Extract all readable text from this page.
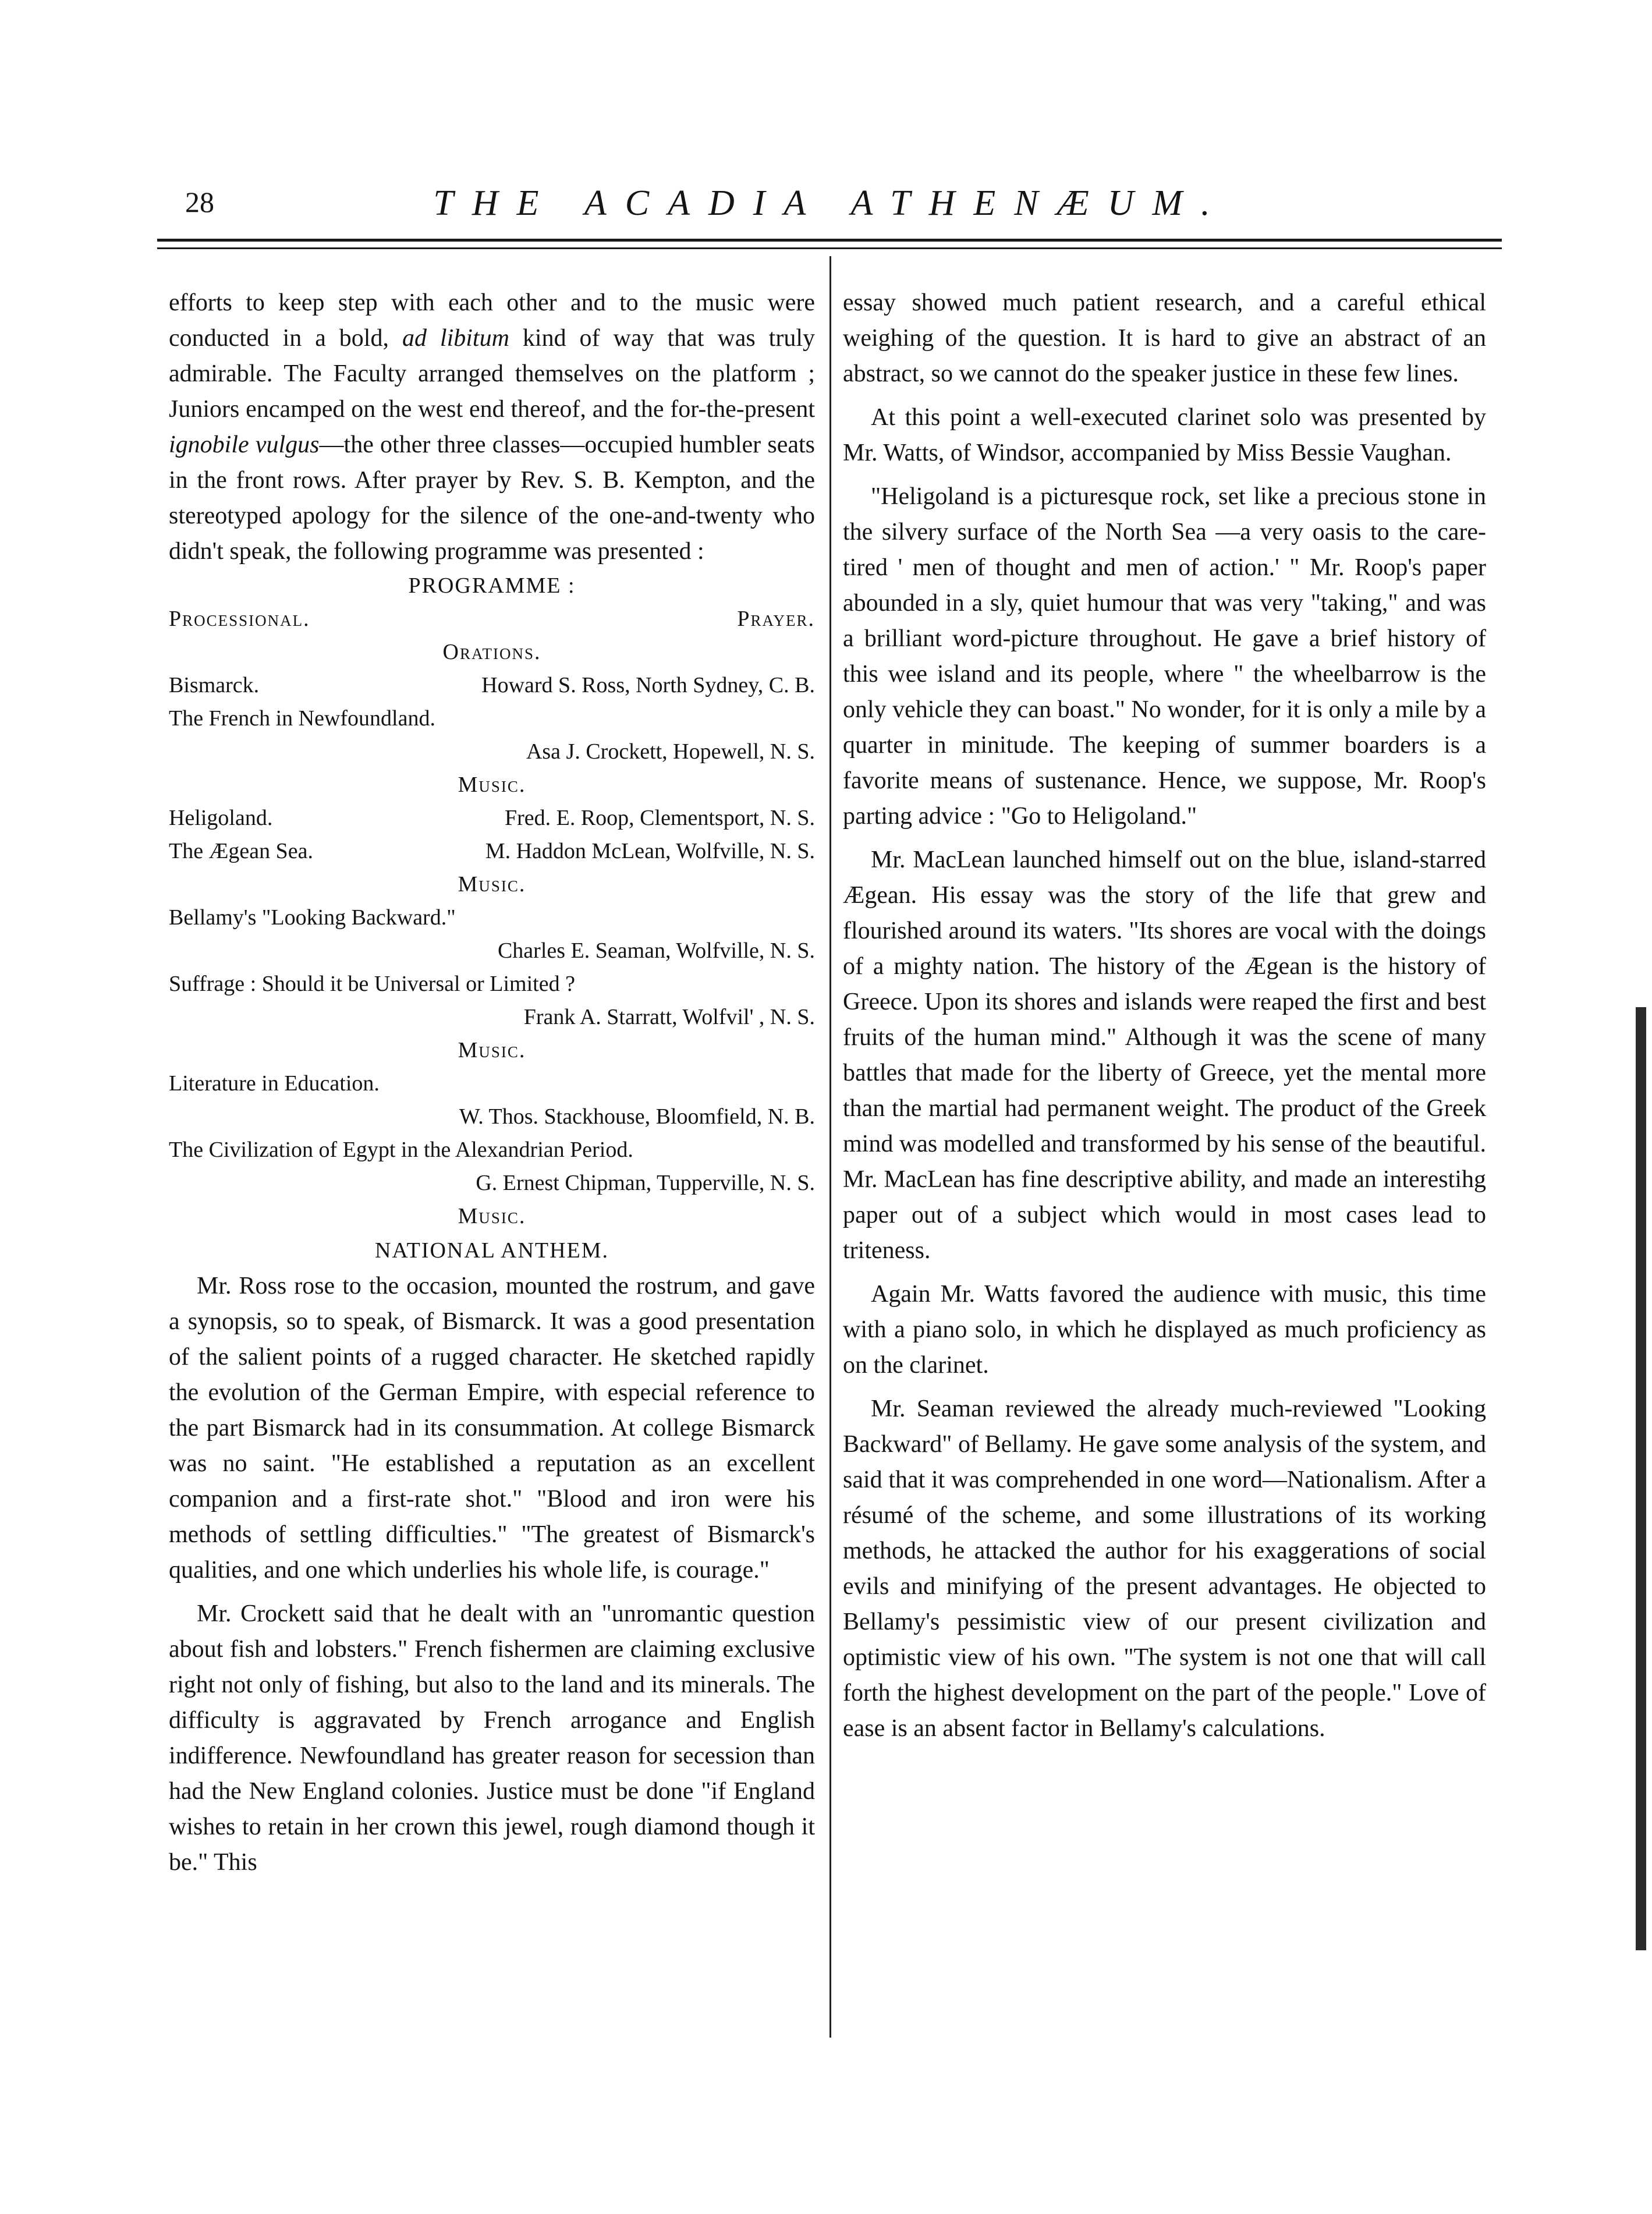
28	THE ACADIA ATHENÆUM.

efforts to keep step with each other and to the music were conducted in a bold, ad libitum kind of way that was truly admirable. The Faculty arranged themselves on the platform ; Juniors encamped on the west end thereof, and the for-the-present ignobile vulgus—the other three classes—occupied humbler seats in the front rows. After prayer by Rev. S. B. Kempton, and the stereotyped apology for the silence of the one-and-twenty who didn't speak, the following programme was presented :

PROGRAMME :
Processional.	Prayer.
Orations.
Bismarck.	Howard S. Ross, North Sydney, C. B.
The French in Newfoundland.
Asa J. Crockett, Hopewell, N. S.
Music.
Heligoland.	Fred. E. Roop, Clementsport, N. S.
The Ægean Sea.	M. Haddon McLean, Wolfville, N. S.
Music.
Bellamy's "Looking Backward."
Charles E. Seaman, Wolfville, N. S.
Suffrage : Should it be Universal or Limited ?
Frank A. Starratt, Wolfvil' , N. S.
Music.
Literature in Education.
W. Thos. Stackhouse, Bloomfield, N. B.
The Civilization of Egypt in the Alexandrian Period.
G. Ernest Chipman, Tupperville, N. S.
Music.
NATIONAL ANTHEM.

Mr. Ross rose to the occasion, mounted the rostrum, and gave a synopsis, so to speak, of Bismarck. It was a good presentation of the salient points of a rugged character. He sketched rapidly the evolution of the German Empire, with especial reference to the part Bismarck had in its consummation. At college Bismarck was no saint. "He established a reputation as an excellent companion and a first-rate shot." "Blood and iron were his methods of settling difficulties." "The greatest of Bismarck's qualities, and one which underlies his whole life, is courage."

Mr. Crockett said that he dealt with an "unromantic question about fish and lobsters." French fishermen are claiming exclusive right not only of fishing, but also to the land and its minerals. The difficulty is aggravated by French arrogance and English indifference. Newfoundland has greater reason for secession than had the New England colonies. Justice must be done "if England wishes to retain in her crown this jewel, rough diamond though it be." This

essay showed much patient research, and a careful ethical weighing of the question. It is hard to give an abstract of an abstract, so we cannot do the speaker justice in these few lines.

At this point a well-executed clarinet solo was presented by Mr. Watts, of Windsor, accompanied by Miss Bessie Vaughan.

"Heligoland is a picturesque rock, set like a precious stone in the silvery surface of the North Sea —a very oasis to the care-tired ' men of thought and men of action.' " Mr. Roop's paper abounded in a sly, quiet humour that was very "taking," and was a brilliant word-picture throughout. He gave a brief history of this wee island and its people, where " the wheelbarrow is the only vehicle they can boast." No wonder, for it is only a mile by a quarter in minitude. The keeping of summer boarders is a favorite means of sustenance. Hence, we suppose, Mr. Roop's parting advice : "Go to Heligoland."

Mr. MacLean launched himself out on the blue, island-starred Ægean. His essay was the story of the life that grew and flourished around its waters. "Its shores are vocal with the doings of a mighty nation. The history of the Ægean is the history of Greece. Upon its shores and islands were reaped the first and best fruits of the human mind." Although it was the scene of many battles that made for the liberty of Greece, yet the mental more than the martial had permanent weight. The product of the Greek mind was modelled and transformed by his sense of the beautiful. Mr. MacLean has fine descriptive ability, and made an interestihg paper out of a subject which would in most cases lead to triteness.

Again Mr. Watts favored the audience with music, this time with a piano solo, in which he displayed as much proficiency as on the clarinet.

Mr. Seaman reviewed the already much-reviewed "Looking Backward" of Bellamy. He gave some analysis of the system, and said that it was comprehended in one word—Nationalism. After a résumé of the scheme, and some illustrations of its working methods, he attacked the author for his exaggerations of social evils and minifying of the present advantages. He objected to Bellamy's pessimistic view of our present civilization and optimistic view of his own. "The system is not one that will call forth the highest development on the part of the people." Love of ease is an absent factor in Bellamy's calculations.
